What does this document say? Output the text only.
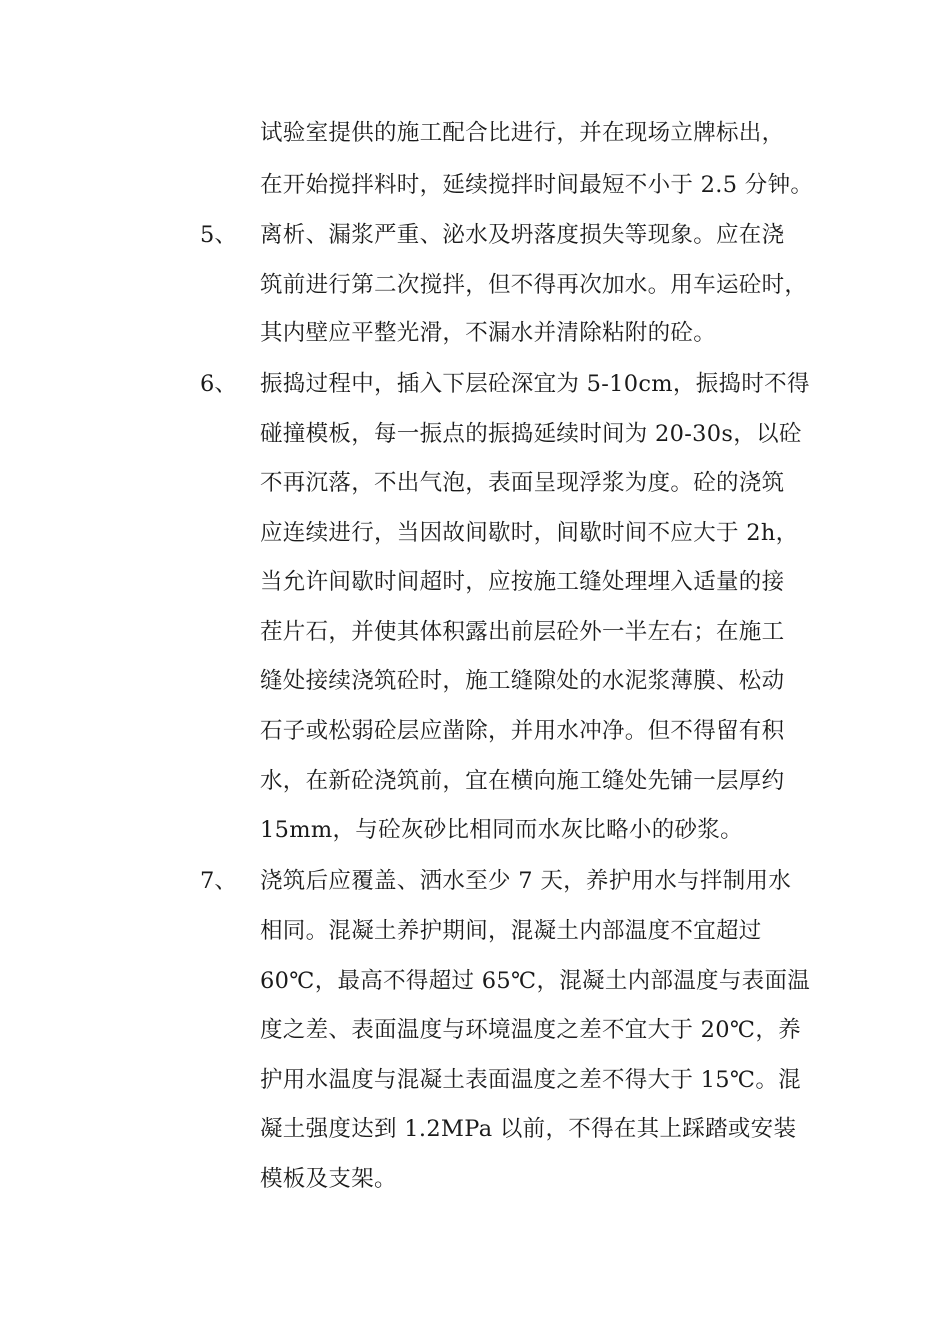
试验室提供的施工配合比进行，并在现场立牌标出，
在开始搅拌料时，延续搅拌时间最短不小于 2.5 分钟。
5、 离析、漏浆严重、泌水及坍落度损失等现象。应在浇
筑前进行第二次搅拌，但不得再次加水。用车运砼时，
其内壁应平整光滑，不漏水并清除粘附的砼。
6、 振捣过程中，插入下层砼深宜为 5-10cm，振捣时不得
碰撞模板，每一振点的振捣延续时间为 20-30s，以砼
不再沉落，不出气泡，表面呈现浮浆为度。砼的浇筑
应连续进行，当因故间歇时，间歇时间不应大于 2h，
当允许间歇时间超时，应按施工缝处理埋入适量的接
茬片石，并使其体积露出前层砼外一半左右；在施工
缝处接续浇筑砼时，施工缝隙处的水泥浆薄膜、松动
石子或松弱砼层应凿除，并用水冲净。但不得留有积
水，在新砼浇筑前，宜在横向施工缝处先铺一层厚约
15mm，与砼灰砂比相同而水灰比略小的砂浆。
7、 浇筑后应覆盖、洒水至少 7 天，养护用水与拌制用水
相同。混凝土养护期间，混凝土内部温度不宜超过
60℃，最高不得超过 65℃，混凝土内部温度与表面温
度之差、表面温度与环境温度之差不宜大于 20℃，养
护用水温度与混凝土表面温度之差不得大于 15℃。混
凝土强度达到 1.2MPa 以前，不得在其上踩踏或安装
模板及支架。
